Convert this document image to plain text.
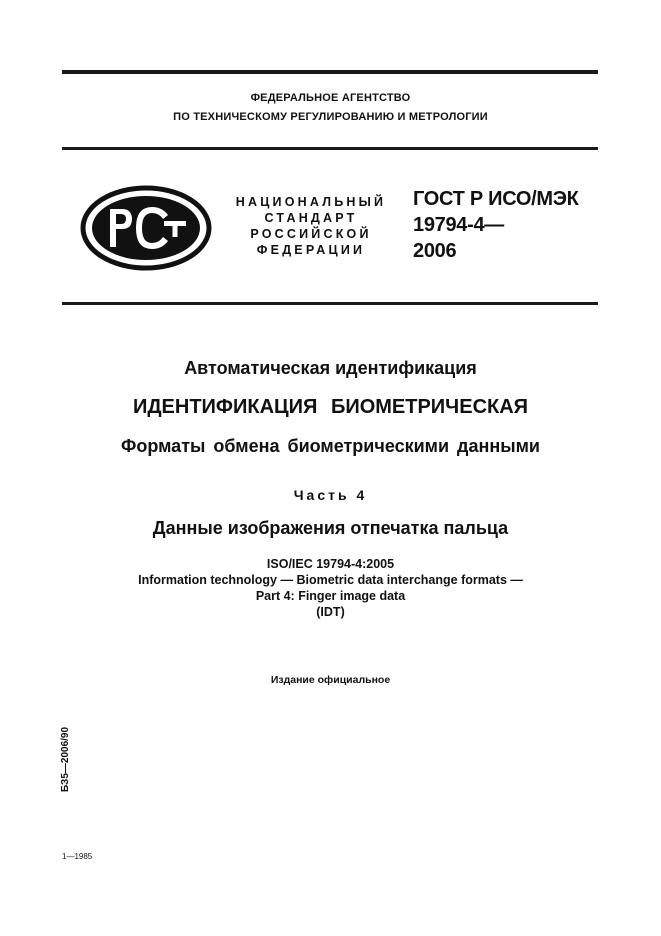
ФЕДЕРАЛЬНОЕ АГЕНТСТВО
ПО ТЕХНИЧЕСКОМУ РЕГУЛИРОВАНИЮ И МЕТРОЛОГИИ
НАЦИОНАЛЬНЫЙ
СТАНДАРТ
РОССИЙСКОЙ
ФЕДЕРАЦИИ
ГОСТ Р ИСО/МЭК
19794-4—
2006
Автоматическая идентификация
ИДЕНТИФИКАЦИЯ БИОМЕТРИЧЕСКАЯ
Форматы обмена биометрическими данными
Часть 4
Данные изображения отпечатка пальца
ISO/IEC 19794-4:2005
Information technology — Biometric data interchange formats —
Part 4: Finger image data
(IDT)
Издание официальное
БЗ5—2006/90
1—1985
